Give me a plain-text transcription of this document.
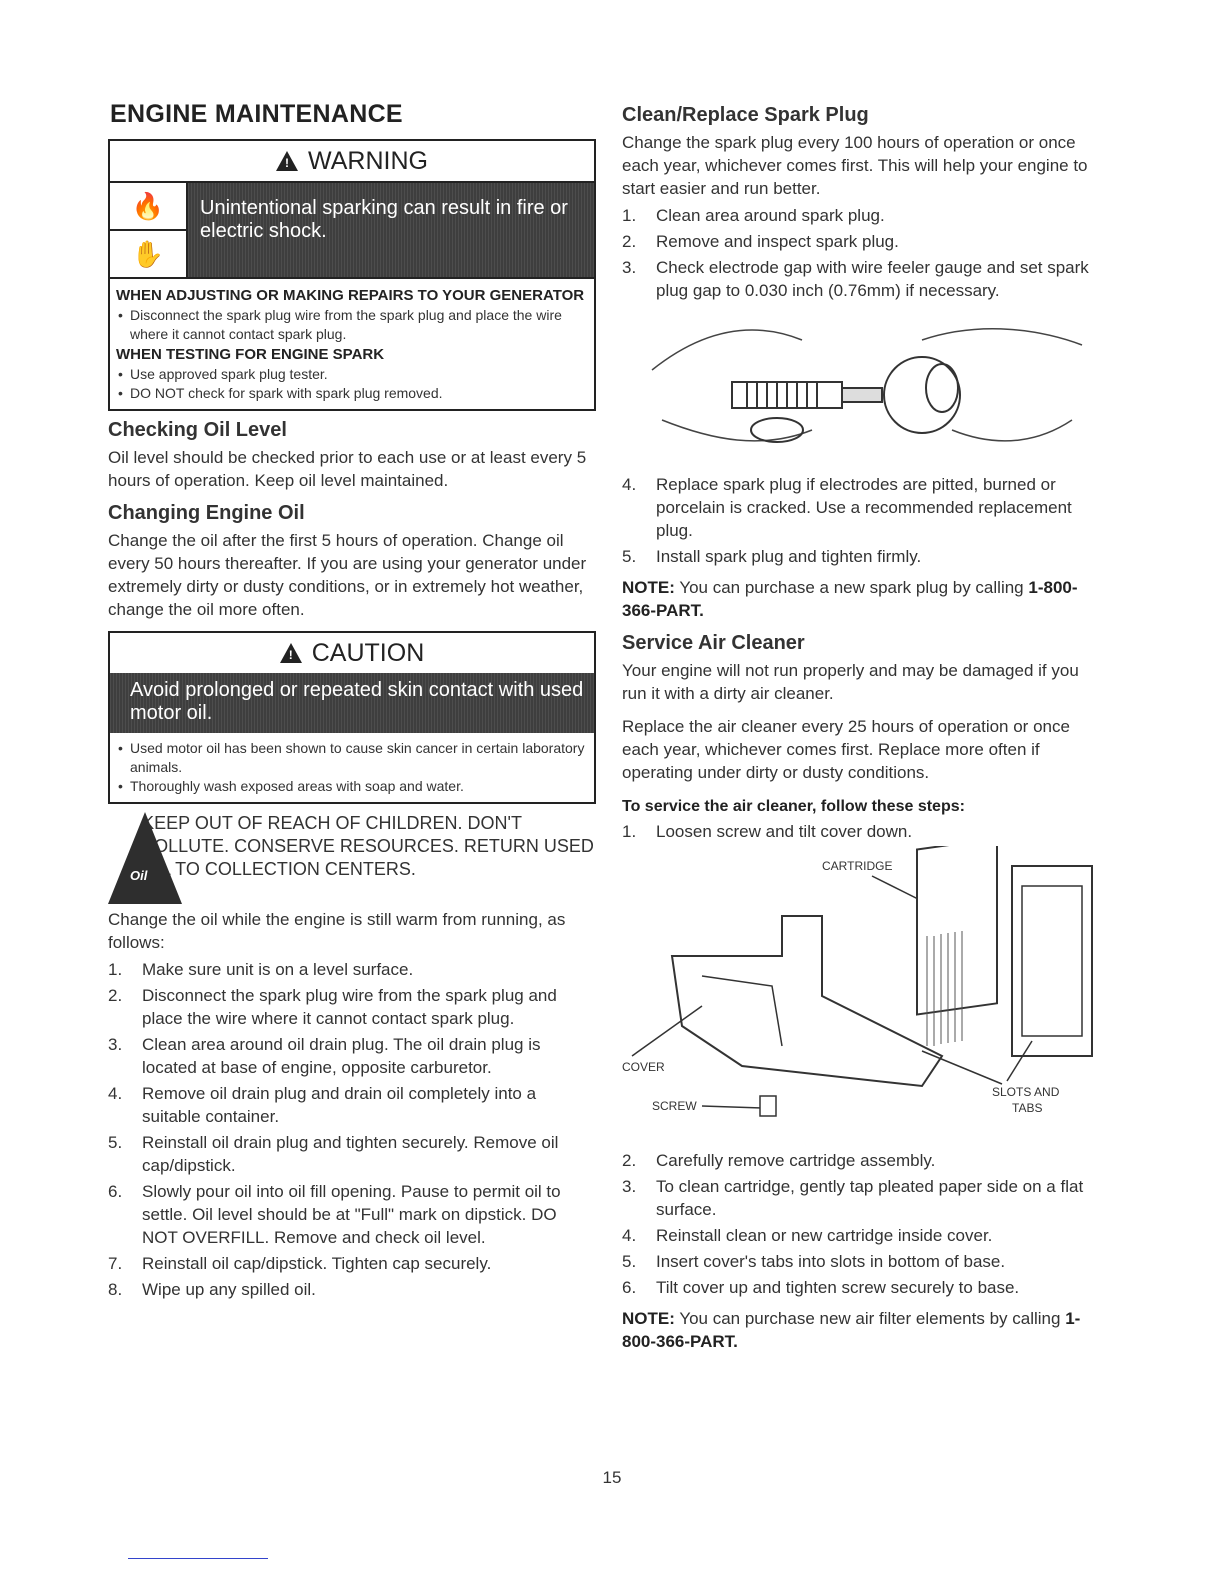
ENGINE MAINTENANCE
! WARNING
🔥
✋
Unintentional sparking can result in fire or electric shock.
WHEN ADJUSTING OR MAKING REPAIRS TO YOUR GENERATOR
• Disconnect the spark plug wire from the spark plug and place the wire where it cannot contact spark plug.
WHEN TESTING FOR ENGINE SPARK
• Use approved spark plug tester.
• DO NOT check for spark with spark plug removed.
Checking Oil Level

Oil level should be checked prior to each use or at least every 5 hours of operation. Keep oil level maintained.

Changing Engine Oil

Change the oil after the first 5 hours of operation. Change oil every 50 hours thereafter. If you are using your generator under extremely dirty or dusty conditions, or in extremely hot weather, change the oil more often.

! CAUTION
Avoid prolonged or repeated skin contact with used motor oil.
• Used motor oil has been shown to cause skin cancer in certain laboratory animals.
• Thoroughly wash exposed areas with soap and water.
Oil
KEEP OUT OF REACH OF CHILDREN. DON'T POLLUTE. CONSERVE RESOURCES. RETURN USED OIL TO COLLECTION CENTERS.

Change the oil while the engine is still warm from running, as follows:

1. Make sure unit is on a level surface.
2. Disconnect the spark plug wire from the spark plug and place the wire where it cannot contact spark plug.
3. Clean area around oil drain plug. The oil drain plug is located at base of engine, opposite carburetor.
4. Remove oil drain plug and drain oil completely into a suitable container.
5. Reinstall oil drain plug and tighten securely. Remove oil cap/dipstick.
6. Slowly pour oil into oil fill opening. Pause to permit oil to settle. Oil level should be at "Full" mark on dipstick. DO NOT OVERFILL. Remove and check oil level.
7. Reinstall oil cap/dipstick. Tighten cap securely.
8. Wipe up any spilled oil.
Clean/Replace Spark Plug

Change the spark plug every 100 hours of operation or once each year, whichever comes first. This will help your engine to start easier and run better.

1. Clean area around spark plug.
2. Remove and inspect spark plug.
3. Check electrode gap with wire feeler gauge and set spark plug gap to 0.030 inch (0.76mm) if necessary.
4. Replace spark plug if electrodes are pitted, burned or porcelain is cracked. Use a recommended replacement plug.
5. Install spark plug and tighten firmly.

NOTE: You can purchase a new spark plug by calling 1-800-366-PART.

Service Air Cleaner

Your engine will not run properly and may be damaged if you run it with a dirty air cleaner.

Replace the air cleaner every 25 hours of operation or once each year, whichever comes first. Replace more often if operating under dirty or dusty conditions.

To service the air cleaner, follow these steps:
1. Loosen screw and tilt cover down.
CARTRIDGE
COVER
SCREW
SLOTS AND
TABS
2. Carefully remove cartridge assembly.
3. To clean cartridge, gently tap pleated paper side on a flat surface.
4. Reinstall clean or new cartridge inside cover.
5. Insert cover's tabs into slots in bottom of base.
6. Tilt cover up and tighten screw securely to base.

NOTE: You can purchase new air filter elements by calling 1-800-366-PART.

15
